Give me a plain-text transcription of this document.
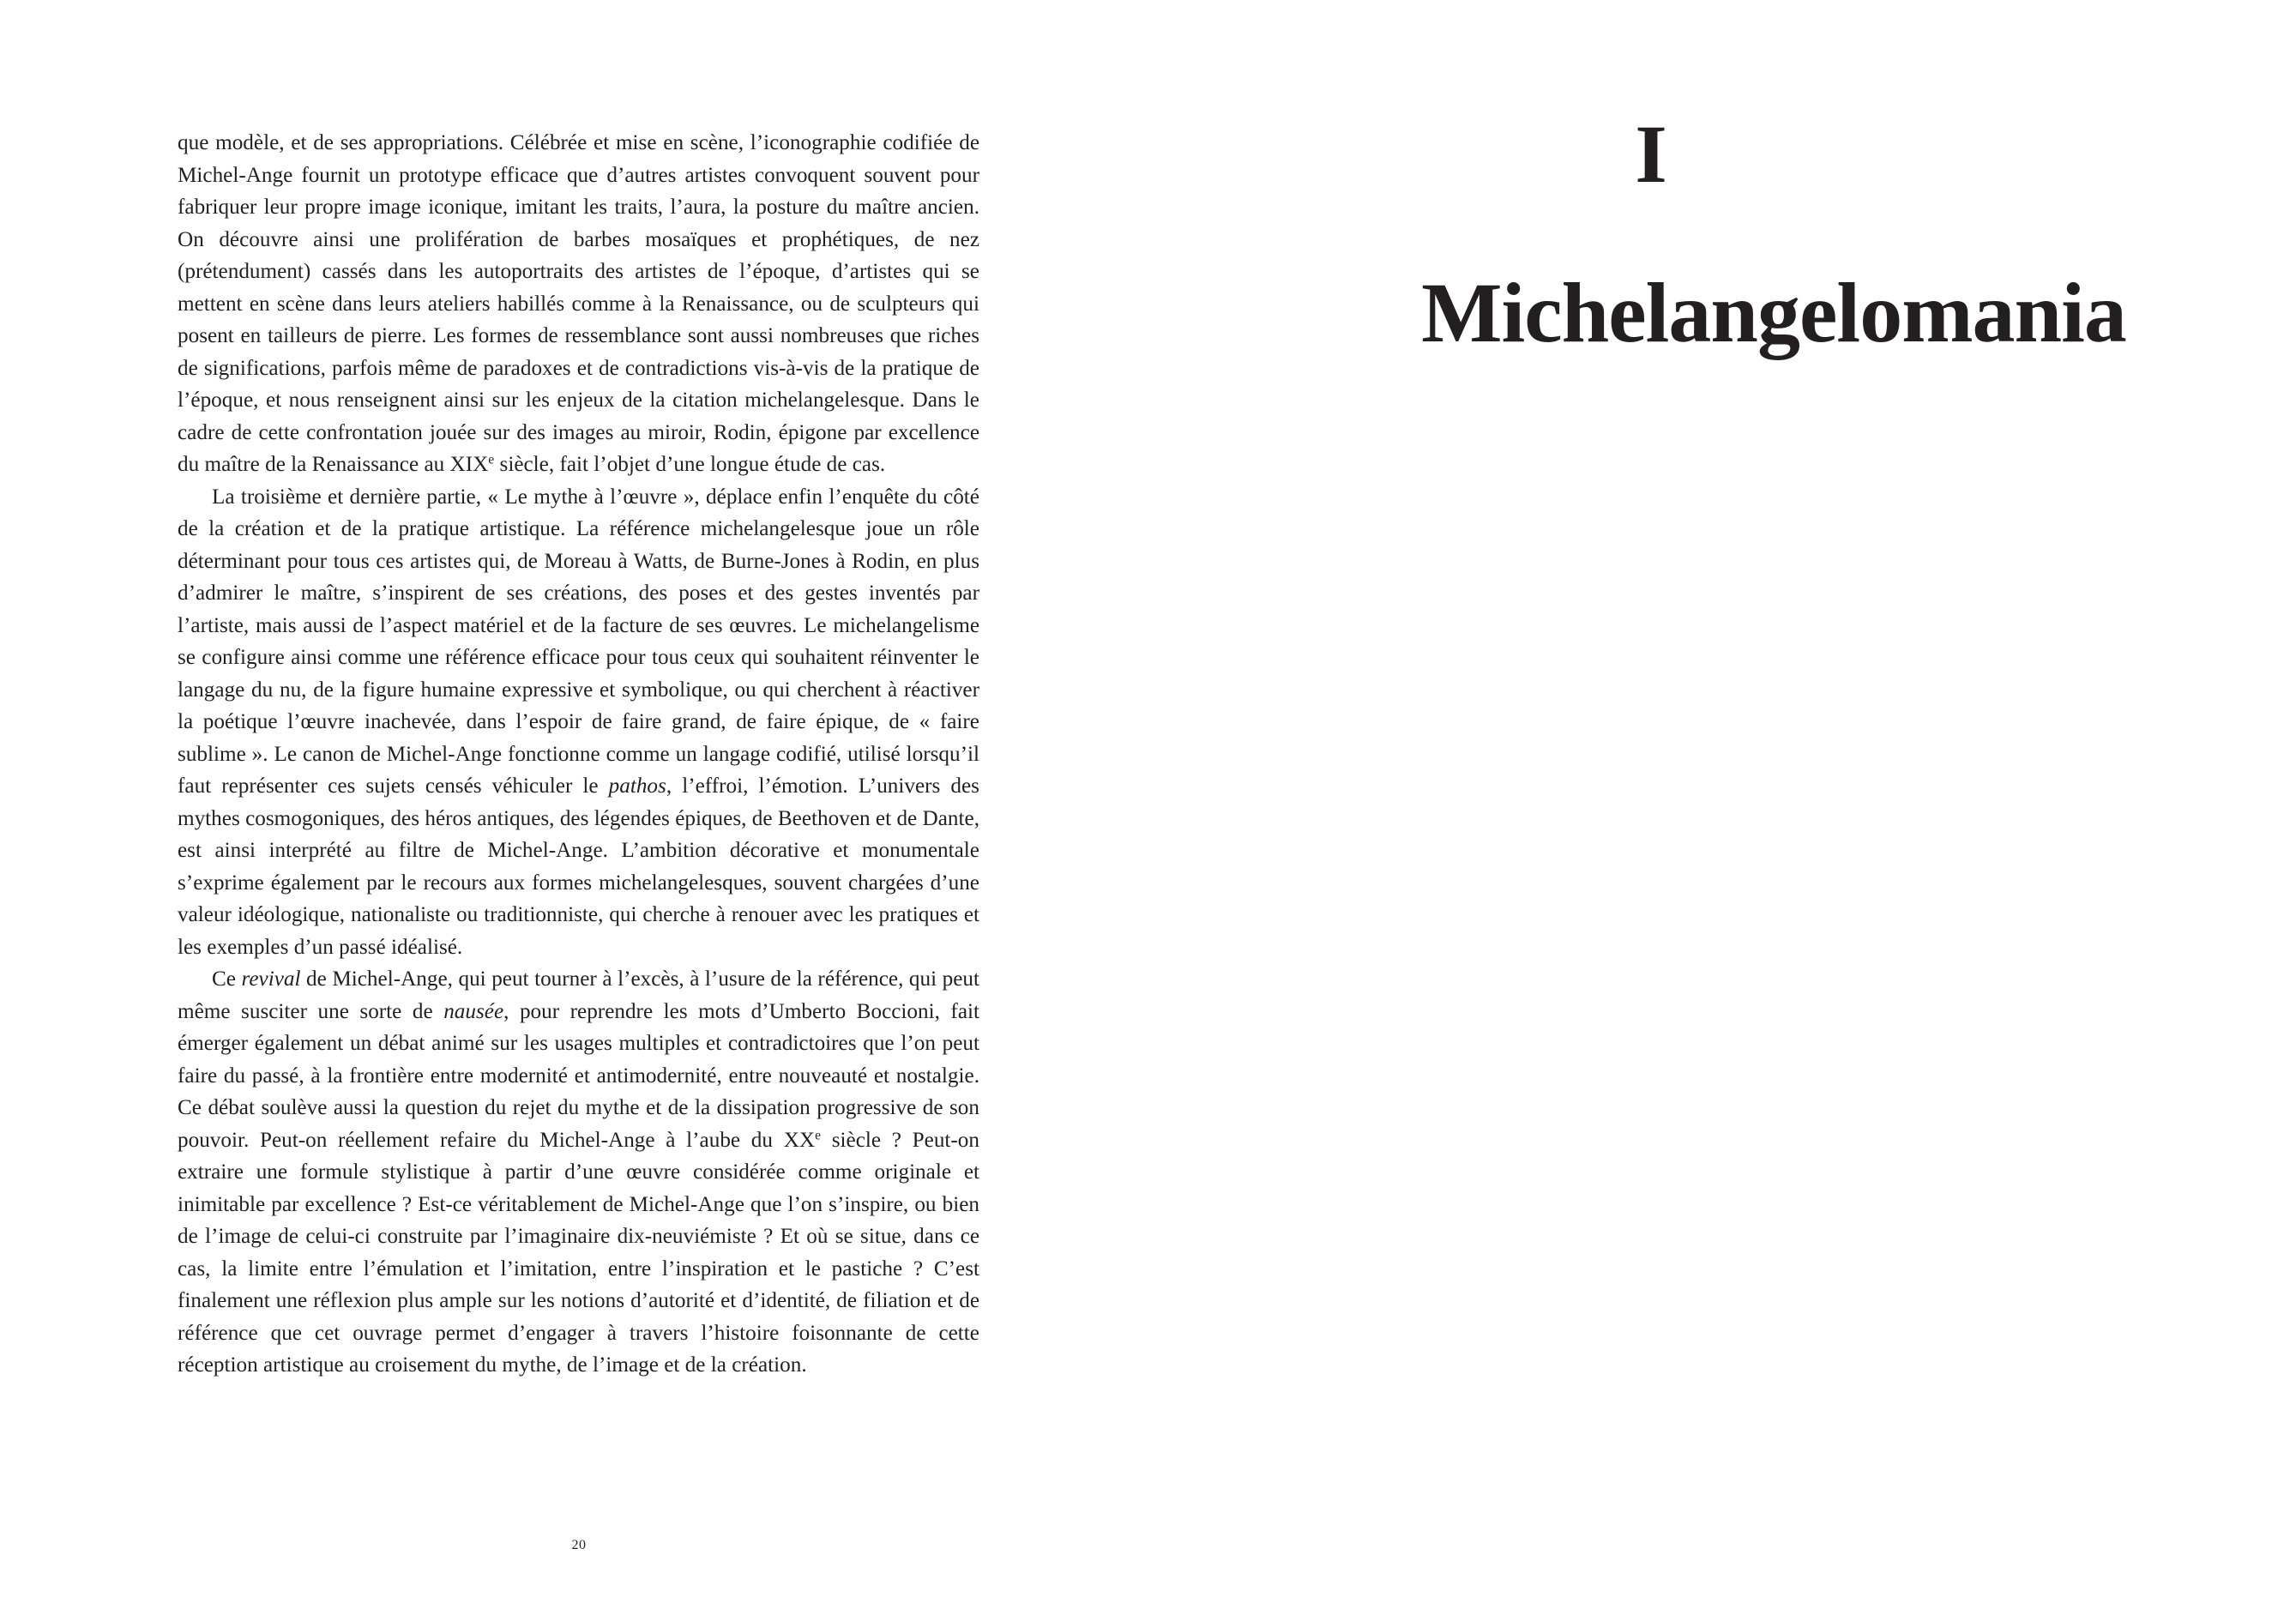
que modèle, et de ses appropriations. Célébrée et mise en scène, l’iconographie codifiée de Michel-Ange fournit un prototype efficace que d’autres artistes convoquent souvent pour fabriquer leur propre image iconique, imitant les traits, l’aura, la posture du maître ancien. On découvre ainsi une prolifération de barbes mosaïques et prophétiques, de nez (prétendument) cassés dans les autoportraits des artistes de l’époque, d’artistes qui se mettent en scène dans leurs ateliers habillés comme à la Renaissance, ou de sculpteurs qui posent en tailleurs de pierre. Les formes de ressemblance sont aussi nombreuses que riches de significations, parfois même de paradoxes et de contradictions vis-à-vis de la pratique de l’époque, et nous renseignent ainsi sur les enjeux de la citation michelangelesque. Dans le cadre de cette confrontation jouée sur des images au miroir, Rodin, épigone par excellence du maître de la Renaissance au XIXe siècle, fait l’objet d’une longue étude de cas.

La troisième et dernière partie, « Le mythe à l’œuvre », déplace enfin l’enquête du côté de la création et de la pratique artistique. La référence michelangelesque joue un rôle déterminant pour tous ces artistes qui, de Moreau à Watts, de Burne-Jones à Rodin, en plus d’admirer le maître, s’inspirent de ses créations, des poses et des gestes inventés par l’artiste, mais aussi de l’aspect matériel et de la facture de ses œuvres. Le michelangelisme se configure ainsi comme une référence efficace pour tous ceux qui souhaitent réinventer le langage du nu, de la figure humaine expressive et symbolique, ou qui cherchent à réactiver la poétique l’œuvre inachevée, dans l’espoir de faire grand, de faire épique, de « faire sublime ». Le canon de Michel-Ange fonctionne comme un langage codifié, utilisé lorsqu’il faut représenter ces sujets censés véhiculer le pathos, l’effroi, l’émotion. L’univers des mythes cosmogoniques, des héros antiques, des légendes épiques, de Beethoven et de Dante, est ainsi interprété au filtre de Michel-Ange. L’ambition décorative et monumentale s’exprime également par le recours aux formes michelangelesques, souvent chargées d’une valeur idéologique, nationaliste ou traditionniste, qui cherche à renouer avec les pratiques et les exemples d’un passé idéalisé.

Ce revival de Michel-Ange, qui peut tourner à l’excès, à l’usure de la référence, qui peut même susciter une sorte de nausée, pour reprendre les mots d’Umberto Boccioni, fait émerger également un débat animé sur les usages multiples et contradictoires que l’on peut faire du passé, à la frontière entre modernité et antimodernité, entre nouveauté et nostalgie. Ce débat soulève aussi la question du rejet du mythe et de la dissipation progressive de son pouvoir. Peut-on réellement refaire du Michel-Ange à l’aube du XXe siècle ? Peut-on extraire une formule stylistique à partir d’une œuvre considérée comme originale et inimitable par excellence ? Est-ce véritablement de Michel-Ange que l’on s’inspire, ou bien de l’image de celui-ci construite par l’imaginaire dix-neuviémiste ? Et où se situe, dans ce cas, la limite entre l’émulation et l’imitation, entre l’inspiration et le pastiche ? C’est finalement une réflexion plus ample sur les notions d’autorité et d’identité, de filiation et de référence que cet ouvrage permet d’engager à travers l’histoire foisonnante de cette réception artistique au croisement du mythe, de l’image et de la création.

20
I
Michelangelomania
